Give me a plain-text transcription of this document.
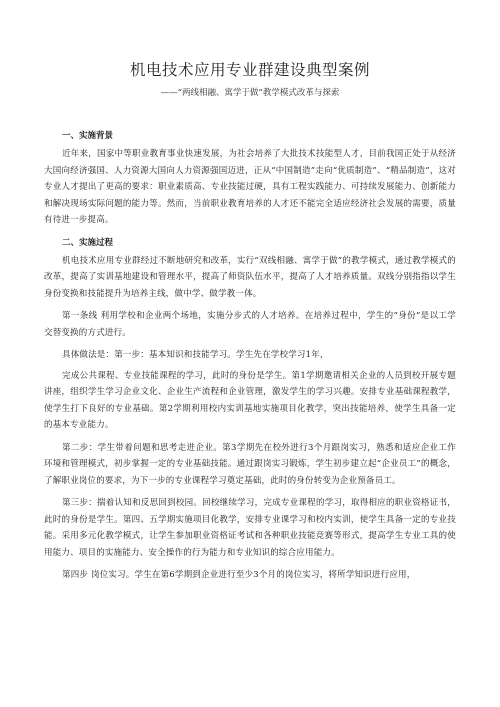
机电技术应用专业群建设典型案例
——“两线相融、寓学于做”教学模式改革与探索
一、实施背景

近年来，国家中等职业教育事业快速发展，为社会培养了大批技术技能型人才，目前我国正处于从经济大国向经济强国、人力资源大国向人力资源强国迈进，正从“中国制造”走向“优质制造”、“精品制造”，这对专业人才提出了更高的要求：职业素质高、专业技能过硬，具有工程实践能力、可持续发展能力、创新能力和解决现场实际问题的能力等。然而，当前职业教育培养的人才还不能完全适应经济社会发展的需要，质量有待进一步提高。

二、实施过程

机电技术应用专业群经过不断地研究和改革，实行“双线相融、寓学于做”的教学模式，通过教学模式的改革，提高了实训基地建设和管理水平，提高了师资队伍水平，提高了人才培养质量。双线分别指指以学生身份变换和技能提升为培养主线，做中学、做学教一体。

第一条线 利用学校和企业两个场地，实施分步式的人才培养。在培养过程中，学生的“身份”是以工学交替变换的方式进行。

具体做法是：第一步：基本知识和技能学习。学生先在学校学习1年，

完成公共课程、专业技能课程的学习，此时的身份是学生。第1学期邀请相关企业的人员到校开展专题讲座，组织学生学习企业文化、企业生产流程和企业管理，激发学生的学习兴趣。安排专业基础课程教学，使学生打下良好的专业基础。第2学期利用校内实训基地实施项目化教学，突出技能培养，使学生具备一定的基本专业能力。

第二步：学生带着问题和思考走进企业。第3学期先在校外进行3个月跟岗实习，熟悉和适应企业工作环境和管理模式，初步掌握一定的专业基础技能。通过跟岗实习锻炼，学生初步建立起“企业员工”的概念，了解职业岗位的要求，为下一步的专业课程学习奠定基础，此时的身份转变为企业预备员工。

第三步：揣着认知和反思回到校园。回校继续学习，完成专业课程的学习，取得相应的职业资格证书，此时的身份是学生。第四、五学期实施项目化教学，安排专业课学习和校内实训，使学生具备一定的专业技能。采用多元化教学模式，让学生参加职业资格证考试和各种职业技能竞赛等形式，提高学生专业工具的使用能力、项目的实施能力、安全操作的行为能力和专业知识的综合应用能力。

第四步 岗位实习。学生在第6学期到企业进行至少3个月的岗位实习，将所学知识进行应用，
